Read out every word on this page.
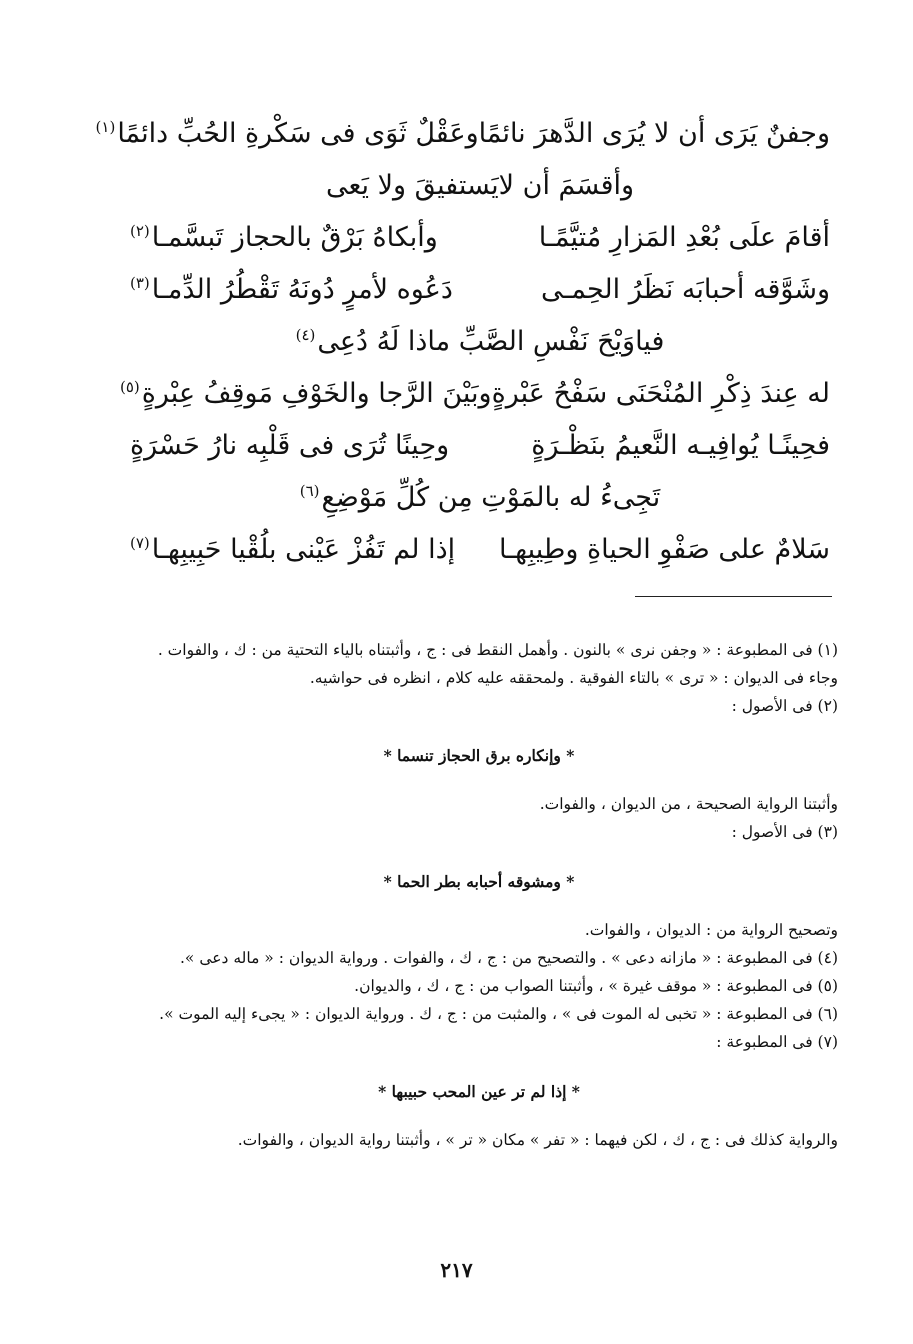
وجفنٌ يَرَى أن لا يُرَى الدَّهرَ نائمًا
وعَقْلٌ ثَوَى فى سَكْرةِ الحُبِّ دائمًا$^{(١)}$
وأقسَمَ أن لايَستفيقَ ولا يَعى
أقامَ علَى بُعْدِ المَزارِ مُتيَّمًـا
وأبكاهُ بَرْقٌ بالحجاز تَبسَّمـا$^{(٢)}$
وشَوَّقه أحبابَه نَظَرُ الحِمـى
دَعُوه لأمرٍ دُونَهُ تَقْطُرُ الدِّمـا$^{(٣)}$
فياوَيْحَ نَفْسِ الصَّبِّ ماذا لَهُ دُعِى$^{(٤)}$
له عِندَ ذِكْرِ المُنْحَنَى سَفْحُ عَبْرةٍ
وبَيْنَ الرَّجا والخَوْفِ مَوقِفُ عِبْرةٍ$^{(٥)}$
فحِينًـا يُوافِيـه النَّعيمُ بنَظْـرَةٍ
وحِينًا تُرَى فى قَلْبِه نارُ حَسْرَةٍ
تَجِىءُ له بالمَوْتِ مِن كُلِّ مَوْضِعِ$^{(٦)}$
سَلامٌ على صَفْوِ الحياةِ وطِيبِهـا
إذا لم تَفُزْ عَيْنى بلُقْيا حَبِيبِهـا$^{(٧)}$
(١) فى المطبوعة : « وجفن نرى » بالنون . وأهمل النقط فى : ج ، وأثبتناه بالياء التحتية من : ك ، والفوات .
وجاء فى الديوان : « ترى » بالتاء الفوقية . ولمحققه عليه كلام ، انظره فى حواشيه.
(٢) فى الأصول :
* وإنكاره برق الحجاز تنسما *
وأثبتنا الرواية الصحيحة ، من الديوان ، والفوات.
(٣) فى الأصول :
* ومشوقه أحبابه بطر الحما *
وتصحيح الرواية من : الديوان ، والفوات.
(٤) فى المطبوعة : « مازانه دعى » . والتصحيح من : ج ، ك ، والفوات . ورواية الديوان : « ماله دعى ».
(٥) فى المطبوعة : « موقف غيرة » ، وأثبتنا الصواب من : ج ، ك ، والديوان.
(٦) فى المطبوعة : « تخبى له الموت فى » ، والمثبت من : ج ، ك . ورواية الديوان : « يجىء إليه الموت ».
(٧) فى المطبوعة :
* إذا لم تر عين المحب حبيبها *
والرواية كذلك فى : ج ، ك ، لكن فيهما : « تفر » مكان « تر » ، وأثبتنا رواية الديوان ، والفوات.
٢١٧
